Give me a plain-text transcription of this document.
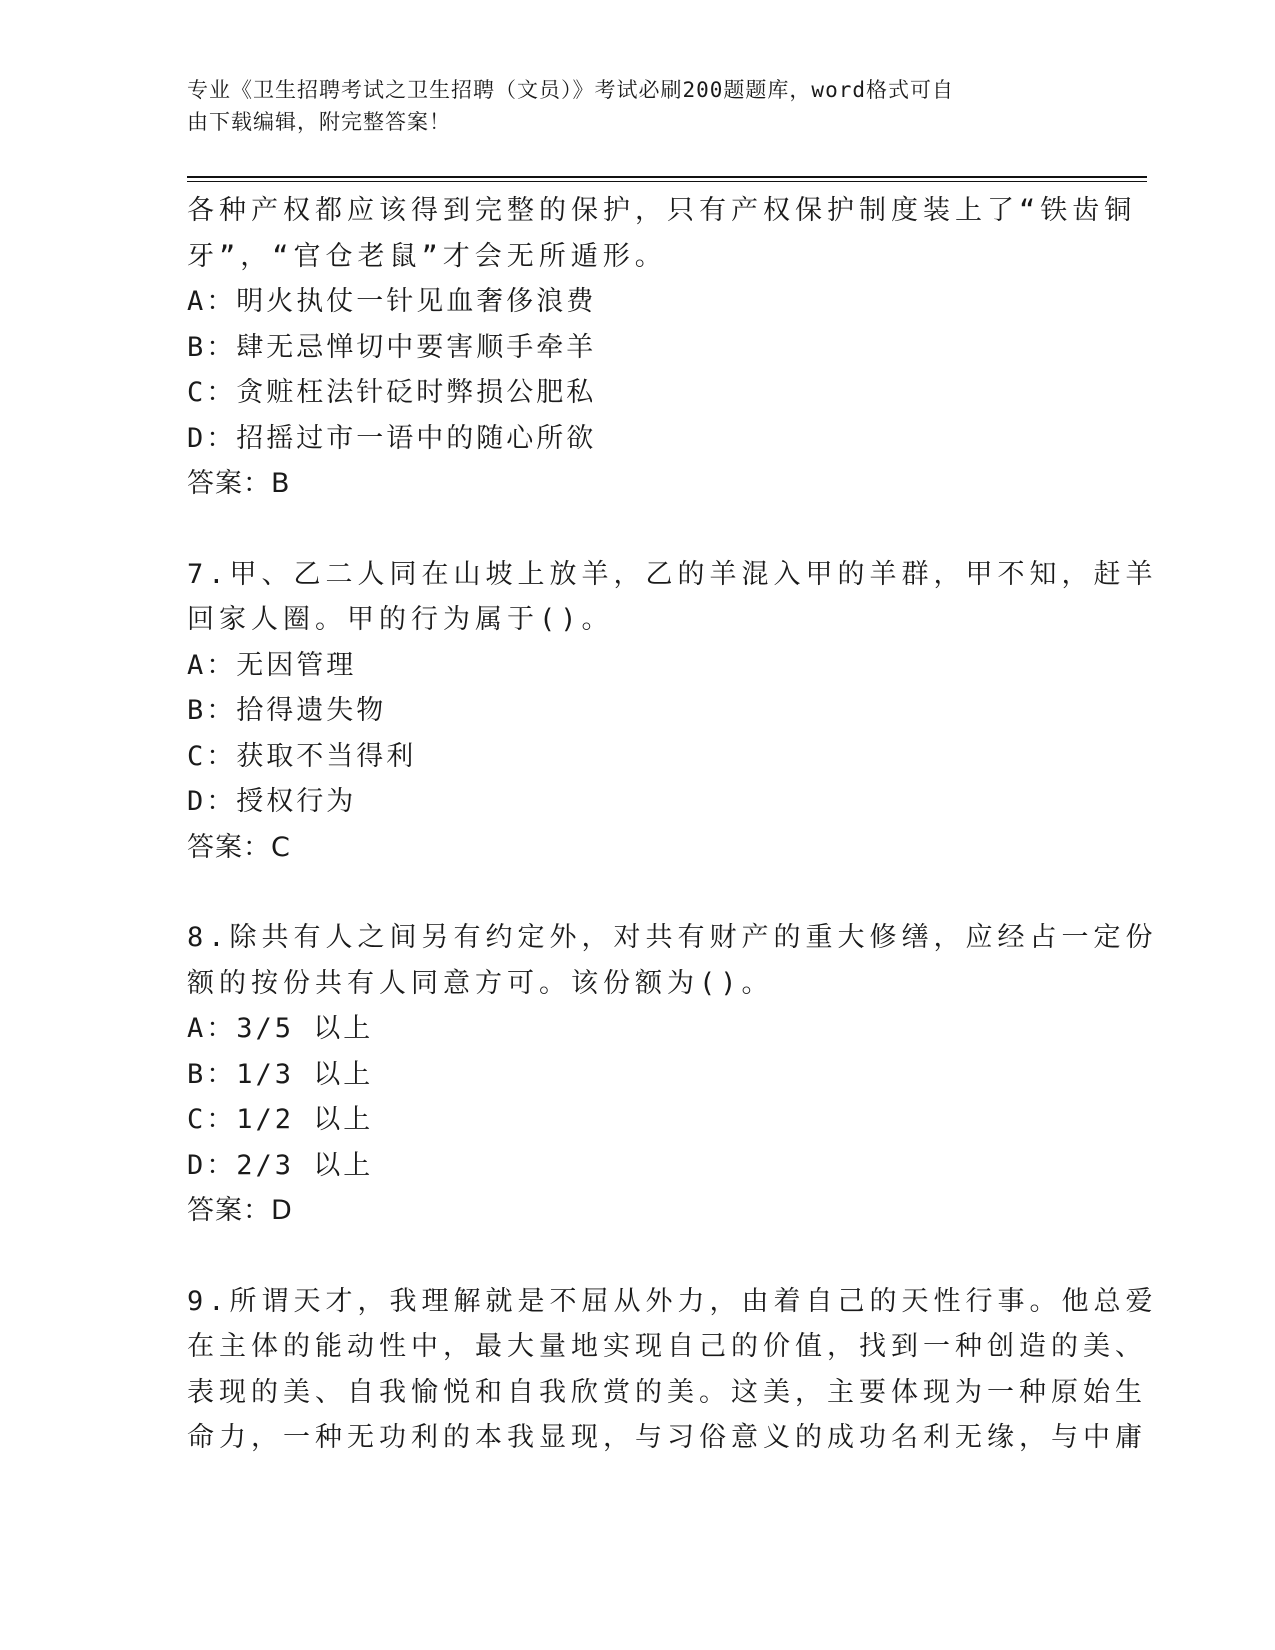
专业《卫生招聘考试之卫生招聘（文员）》考试必刷200题题库，word格式可自
由下载编辑，附完整答案！
各种产权都应该得到完整的保护，只有产权保护制度装上了“铁齿铜
牙”，“官仓老鼠”才会无所遁形。
A：明火执仗一针见血奢侈浪费
B：肆无忌惮切中要害顺手牵羊
C：贪赃枉法针砭时弊损公肥私
D：招摇过市一语中的随心所欲
答案：B
7.甲、乙二人同在山坡上放羊，乙的羊混入甲的羊群，甲不知，赶羊
回家人圈。甲的行为属于()。
A：无因管理
B：拾得遗失物
C：获取不当得利
D：授权行为
答案：C
8.除共有人之间另有约定外，对共有财产的重大修缮，应经占一定份
额的按份共有人同意方可。该份额为()。
A：3/5 以上
B：1/3 以上
C：1/2 以上
D：2/3 以上
答案：D
9.所谓天才，我理解就是不屈从外力，由着自己的天性行事。他总爱
在主体的能动性中，最大量地实现自己的价值，找到一种创造的美、
表现的美、自我愉悦和自我欣赏的美。这美，主要体现为一种原始生
命力，一种无功利的本我显现，与习俗意义的成功名利无缘，与中庸
